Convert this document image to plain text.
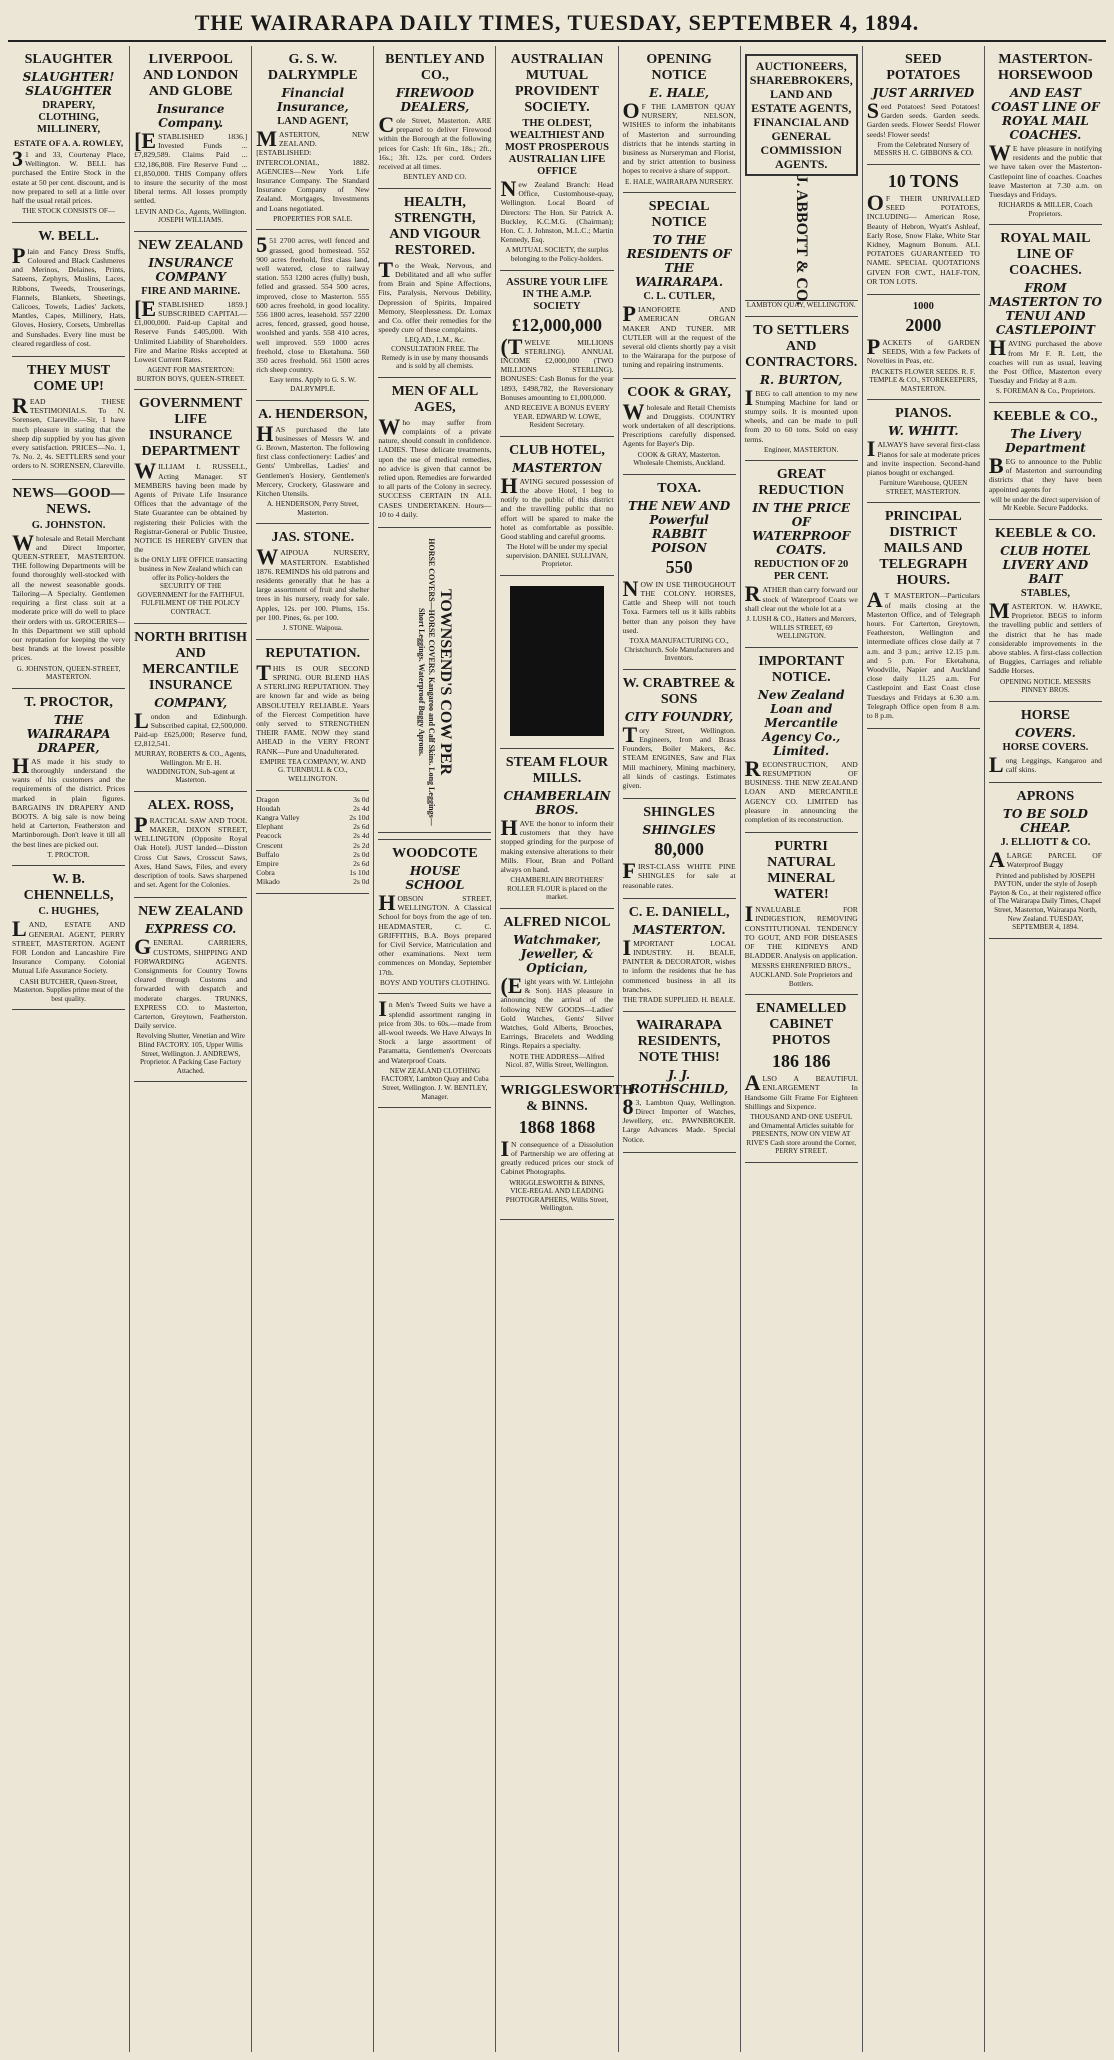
THE WAIRARAPA DAILY TIMES, TUESDAY, SEPTEMBER 4, 1894.
SLAUGHTER
SLAUGHTER! SLAUGHTER
DRAPERY, CLOTHING, MILLINERY,
ESTATE OF A. A. ROWLEY,
31 and 33, Courtenay Place, Wellington. W. BELL has purchased the Entire Stock in the estate at 50 per cent. discount, and is now prepared to sell at a little over half the usual retail prices.
THE STOCK CONSISTS OF—
W. BELL.
Plain and Fancy Dress Stuffs, Coloured and Black Cashmeres and Merinos, Delaines, Prints, Sateens, Zephyrs, Muslins, Laces, Ribbons, Tweeds, Trouserings, Flannels, Blankets, Sheetings, Calicoes, Towels, Ladies' Jackets, Mantles, Capes, Millinery, Hats, Gloves, Hosiery, Corsets, Umbrellas and Sunshades. Every line must be cleared regardless of cost.
THEY MUST COME UP!
READ THESE TESTIMONIALS. To N. Sorensen, Clareville.—Sir, I have much pleasure in stating that the sheep dip supplied by you has given every satisfaction. PRICES—No. 1, 7s. No. 2, 4s. SETTLERS send your orders to N. SORENSEN, Clareville.
NEWS—GOOD—NEWS.
G. JOHNSTON.
Wholesale and Retail Merchant and Direct Importer, QUEEN-STREET, MASTERTON. THE following Departments will be found thoroughly well-stocked with all the newest seasonable goods. Tailoring—A Specialty. Gentlemen requiring a first class suit at a moderate price will do well to place their orders with us. GROCERIES—In this Department we still uphold our reputation for keeping the very best brands at the lowest possible prices.
G. JOHNSTON, QUEEN-STREET, MASTERTON.
T. PROCTOR,
THE WAIRARAPA DRAPER,
HAS made it his study to thoroughly understand the wants of his customers and the requirements of the district. Prices marked in plain figures. BARGAINS IN DRAPERY AND BOOTS. A big sale is now being held at Carterton, Featherston and Martinborough. Don't leave it till all the best lines are picked out.
T. PROCTOR.
W. B. CHENNELLS,
C. HUGHES,
LAND, ESTATE AND GENERAL AGENT, PERRY STREET, MASTERTON. AGENT FOR London and Lancashire Fire Insurance Company. Colonial Mutual Life Assurance Society.
CASH BUTCHER, Queen-Street, Masterton. Supplies prime meat of the best quality.
LIVERPOOL AND LONDON AND GLOBE
Insurance Company.
[ESTABLISHED 1836.] Invested Funds ... £7,829,589. Claims Paid ... £32,186,808. Fire Reserve Fund ... £1,850,000. THIS Company offers to insure the security of the most liberal terms. All losses promptly settled.
LEVIN AND Co., Agents, Wellington. JOSEPH WILLIAMS.
NEW ZEALAND
INSURANCE COMPANY
FIRE AND MARINE.
[ESTABLISHED 1859.] SUBSCRIBED CAPITAL—£1,000,000. Paid-up Capital and Reserve Funds £405,000. With Unlimited Liability of Shareholders. Fire and Marine Risks accepted at Lowest Current Rates.
AGENT FOR MASTERTON: BURTON BOYS, QUEEN-STREET.
GOVERNMENT LIFE INSURANCE DEPARTMENT
WILLIAM I. RUSSELL, Acting Manager. ST MEMBERS having been made by Agents of Private Life Insurance Offices that the advantage of the State Guarantee can be obtained by registering their Policies with the Registrar-General or Public Trustee, NOTICE IS HEREBY GIVEN that the
is the ONLY LIFE OFFICE transacting business in New Zealand which can offer its Policy-holders the SECURITY OF THE GOVERNMENT for the FAITHFUL FULFILMENT OF THE POLICY CONTRACT.
NORTH BRITISH AND MERCANTILE INSURANCE
COMPANY,
London and Edinburgh. Subscribed capital, £2,500,000. Paid-up £625,000; Reserve fund, £2,812,541.
MURRAY, ROBERTS & CO., Agents, Wellington. Mr E. H. WADDINGTON, Sub-agent at Masterton.
ALEX. ROSS,
PRACTICAL SAW AND TOOL MAKER, DIXON STREET, WELLINGTON (Opposite Royal Oak Hotel). JUST landed—Disston Cross Cut Saws, Crosscut Saws, Axes, Hand Saws, Files, and every description of tools. Saws sharpened and set. Agent for the Colonies.
NEW ZEALAND
EXPRESS CO.
GENERAL CARRIERS, CUSTOMS, SHIPPING AND FORWARDING AGENTS. Consignments for Country Towns cleared through Customs and forwarded with despatch and moderate charges. TRUNKS, EXPRESS CO. to Masterton, Carterton, Greytown, Featherston. Daily service.
Revolving Shutter, Venetian and Wire Blind FACTORY. 105, Upper Willis Street, Wellington. J. ANDREWS, Proprietor. A Packing Case Factory Attached.
G. S. W. DALRYMPLE
Financial Insurance,
LAND AGENT,
MASTERTON, NEW ZEALAND. [ESTABLISHED: INTERCOLONIAL, 1882. AGENCIES—New York Life Insurance Company. The Standard Insurance Company of New Zealand. Mortgages, Investments and Loans negotiated.
PROPERTIES FOR SALE.
551 2700 acres, well fenced and grassed, good homestead. 552 900 acres freehold, first class land, well watered, close to railway station. 553 1200 acres (fully) bush, felled and grassed. 554 500 acres, improved, close to Masterton. 555 600 acres freehold, in good locality. 556 1800 acres, leasehold. 557 2200 acres, fenced, grassed, good house, woolshed and yards. 558 410 acres, well improved. 559 1000 acres freehold, close to Eketahuna. 560 350 acres freehold. 561 1500 acres rich sheep country.
Easy terms. Apply to G. S. W. DALRYMPLE.
A. HENDERSON,
HAS purchased the late businesses of Messrs W. and G. Brown, Masterton. The following first class confectionery: Ladies' and Gents' Umbrellas, Ladies' and Gentlemen's Hosiery, Gentlemen's Mercery, Crockery, Glassware and Kitchen Utensils.
A. HENDERSON, Perry Street, Masterton.
JAS. STONE.
WAIPOUA NURSERY, MASTERTON. Established 1876. REMINDS his old patrons and residents generally that he has a large assortment of fruit and shelter trees in his nursery, ready for sale. Apples, 12s. per 100. Plums, 15s. per 100. Pines, 6s. per 100.
J. STONE. Waipoua.
REPUTATION.
THIS IS OUR SECOND SPRING. OUR BLEND HAS A STERLING REPUTATION. They are known far and wide as being ABSOLUTELY RELIABLE. Years of the Fiercest Competition have only served to STRENGTHEN THEIR FAME. NOW they stand AHEAD in the VERY FRONT RANK—Pure and Unadulterated.
EMPIRE TEA COMPANY, W. AND G. TURNBULL & CO., WELLINGTON.
Dragon	3s 0d
Houdah	2s 4d
Kangra Valley	2s 10d
Elephant	2s 6d
Peacock	2s 4d
Crescent	2s 2d
Buffalo	2s 0d
Empire	2s 6d
Cobra	1s 10d
Mikado	2s 0d
BENTLEY AND CO.,
FIREWOOD DEALERS,
Cole Street, Masterton. ARE prepared to deliver Firewood within the Borough at the following prices for Cash: 1ft 6in., 18s.; 2ft., 16s.; 3ft. 12s. per cord. Orders received at all times.
BENTLEY AND CO.
HEALTH, STRENGTH, AND VIGOUR RESTORED.
To the Weak, Nervous, and Debilitated and all who suffer from Brain and Spine Affections, Fits, Paralysis, Nervous Debility, Depression of Spirits, Impaired Memory, Sleeplessness. Dr. Lomax and Co. offer their remedies for the speedy cure of these complaints.
LEQ.AD., L.M., &c. CONSULTATION FREE. The Remedy is in use by many thousands and is sold by all chemists.
MEN OF ALL AGES,
Who may suffer from complaints of a private nature, should consult in confidence. LADIES. These delicate treatments, upon the use of medical remedies, no advice is given that cannot be relied upon. Remedies are forwarded to all parts of the Colony in secrecy. SUCCESS CERTAIN IN ALL CASES UNDERTAKEN. Hours—10 to 4 daily.
TOWNSEND'S COW PER
HORSE COVERS—HORSE COVERS. Kangaroo and Calf Skins. Long Leggings—Short Leggings. Waterproof Buggy Aprons.
WOODCOTE
HOUSE SCHOOL
HOBSON STREET, WELLINGTON. A Classical School for boys from the age of ten. HEADMASTER, C. C. GRIFFITHS, B.A. Boys prepared for Civil Service, Matriculation and other examinations. Next term commences on Monday, September 17th.
BOYS' AND YOUTH'S CLOTHING.
In Men's Tweed Suits we have a splendid assortment ranging in price from 30s. to 60s.—made from all-wool tweeds. We Have Always In Stock a large assortment of Paramatta, Gentlemen's Overcoats and Waterproof Coats.
NEW ZEALAND CLOTHING FACTORY, Lambton Quay and Cuba Street, Wellington. J. W. BENTLEY, Manager.
AUSTRALIAN MUTUAL PROVIDENT SOCIETY.
THE OLDEST, WEALTHIEST AND MOST PROSPEROUS AUSTRALIAN LIFE OFFICE
New Zealand Branch: Head Office, Customhouse-quay, Wellington. Local Board of Directors: The Hon. Sir Patrick A. Buckley, K.C.M.G. (Chairman); Hon. C. J. Johnston, M.L.C.; Martin Kennedy, Esq.
A MUTUAL SOCIETY, the surplus belonging to the Policy-holders.
ASSURE YOUR LIFE IN THE A.M.P. SOCIETY
£12,000,000
(TWELVE MILLIONS STERLING). ANNUAL INCOME £2,000,000 (TWO MILLIONS STERLING). BONUSES: Cash Bonus for the year 1893, £498,782, the Reversionary Bonuses amounting to £1,000,000.
AND RECEIVE A BONUS EVERY YEAR. EDWARD W. LOWE, Resident Secretary.
CLUB HOTEL,
MASTERTON
HAVING secured possession of the above Hotel, I beg to notify to the public of this district and the travelling public that no effort will be spared to make the hotel as comfortable as possible. Good stabling and careful grooms.
The Hotel will be under my special supervision. DANIEL SULLIVAN, Proprietor.
STEAM FLOUR MILLS.
CHAMBERLAIN BROS.
HAVE the honor to inform their customers that they have stopped grinding for the purpose of making extensive alterations to their Mills. Flour, Bran and Pollard always on hand.
CHAMBERLAIN BROTHERS' ROLLER FLOUR is placed on the market.
ALFRED NICOL
Watchmaker, Jeweller, & Optician,
(Eight years with W. Littlejohn & Son). HAS pleasure in announcing the arrival of the following NEW GOODS—Ladies' Gold Watches, Gents' Silver Watches, Gold Alberts, Brooches, Earrings, Bracelets and Wedding Rings. Repairs a specialty.
NOTE THE ADDRESS—Alfred Nicol. 87, Willis Street, Wellington.
WRIGGLESWORTH & BINNS.
1868 1868
IN consequence of a Dissolution of Partnership we are offering at greatly reduced prices our stock of Cabinet Photographs.
WRIGGLESWORTH & BINNS, VICE-REGAL AND LEADING PHOTOGRAPHERS, Willis Street, Wellington.
OPENING NOTICE
E. HALE,
OF THE LAMBTON QUAY NURSERY, NELSON, WISHES to inform the inhabitants of Masterton and surrounding districts that he intends starting in business as Nurseryman and Florist, and by strict attention to business hopes to receive a share of support.
E. HALE, WAIRARAPA NURSERY.
SPECIAL NOTICE
TO THE RESIDENTS OF THE WAIRARAPA.
C. L. CUTLER,
PIANOFORTE AND AMERICAN ORGAN MAKER AND TUNER. MR CUTLER will at the request of the several old clients shortly pay a visit to the Wairarapa for the purpose of tuning and repairing instruments.
COOK & GRAY,
Wholesale and Retail Chemists and Druggists. COUNTRY work undertaken of all descriptions. Prescriptions carefully dispensed. Agents for Bayer's Dip.
COOK & GRAY, Masterton. Wholesale Chemists, Auckland.
TOXA.
THE NEW AND Powerful RABBIT POISON
550
NOW IN USE THROUGHOUT THE COLONY. HORSES, Cattle and Sheep will not touch Toxa. Farmers tell us it kills rabbits better than any poison they have used.
TOXA MANUFACTURING CO., Christchurch. Sole Manufacturers and Inventors.
W. CRABTREE & SONS
CITY FOUNDRY,
Tory Street, Wellington. Engineers, Iron and Brass Founders, Boiler Makers, &c. STEAM ENGINES, Saw and Flax Mill machinery, Mining machinery, all kinds of castings. Estimates given.
SHINGLES
SHINGLES
80,000
FIRST-CLASS WHITE PINE SHINGLES for sale at reasonable rates.
C. E. DANIELL,
MASTERTON.
IMPORTANT LOCAL INDUSTRY. H. BEALE, PAINTER & DECORATOR, wishes to inform the residents that he has commenced business in all its branches.
THE TRADE SUPPLIED. H. BEALE.
WAIRARAPA RESIDENTS, NOTE THIS!
J. J. ROTHSCHILD,
83, Lambton Quay, Wellington. Direct Importer of Watches, Jewellery, etc. PAWNBROKER. Large Advances Made. Special Notice.
AUCTIONEERS, SHAREBROKERS, LAND AND ESTATE AGENTS, FINANCIAL AND GENERAL COMMISSION AGENTS.
J. ABBOTT & CO.
LAMBTON QUAY, WELLINGTON.
TO SETTLERS AND CONTRACTORS.
R. BURTON,
IBEG to call attention to my new Stumping Machine for land or stumpy soils. It is mounted upon wheels, and can be made to pull from 20 to 60 tons. Sold on easy terms.
Engineer, MASTERTON.
GREAT REDUCTION
IN THE PRICE OF WATERPROOF COATS.
REDUCTION OF 20 PER CENT.
RATHER than carry forward our stock of Waterproof Coats we shall clear out the whole lot at a
J. LUSH & CO., Hatters and Mercers, WILLIS STREET, 69 WELLINGTON.
IMPORTANT NOTICE.
New Zealand Loan and Mercantile Agency Co., Limited.
RECONSTRUCTION, AND RESUMPTION OF BUSINESS. THE NEW ZEALAND LOAN AND MERCANTILE AGENCY CO. LIMITED has pleasure in announcing the completion of its reconstruction.
PURTRI NATURAL MINERAL WATER!
INVALUABLE FOR INDIGESTION, REMOVING CONSTITUTIONAL TENDENCY TO GOUT, AND FOR DISEASES OF THE KIDNEYS AND BLADDER. Analysis on application.
MESSRS EHRENFRIED BRO'S., AUCKLAND. Sole Proprietors and Bottlers.
ENAMELLED CABINET PHOTOS
186 186
ALSO A BEAUTIFUL ENLARGEMENT In Handsome Gilt Frame For Eighteen Shillings and Sixpence.
THOUSAND AND ONE USEFUL and Ornamental Articles suitable for PRESENTS, NOW ON VIEW AT RIVE'S Cash store around the Corner, PERRY STREET.
SEED POTATOES
JUST ARRIVED
Seed Potatoes! Seed Potatoes! Garden seeds. Garden seeds. Garden seeds. Flower Seeds! Flower seeds! Flower seeds!
From the Celebrated Nursery of MESSRS H. C. GIBBONS & CO.
10 TONS
OF THEIR UNRIVALLED SEED POTATOES, INCLUDING— American Rose, Beauty of Hebron, Wyatt's Ashleaf, Early Rose, Snow Flake, White Star Kidney, Magnum Bonum. ALL POTATOES GUARANTEED TO NAME. SPECIAL QUOTATIONS GIVEN FOR CWT., HALF-TON, OR TON LOTS.
1000
2000
PACKETS of GARDEN SEEDS, With a few Packets of Novelties in Peas, etc.
PACKETS FLOWER SEEDS. R. F. TEMPLE & CO., STOREKEEPERS, MASTERTON.
PIANOS.
W. WHITT.
IALWAYS have several first-class Pianos for sale at moderate prices and invite inspection. Second-hand pianos bought or exchanged.
Furniture Warehouse, QUEEN STREET, MASTERTON.
PRINCIPAL DISTRICT MAILS AND TELEGRAPH HOURS.
AT MASTERTON—Particulars of mails closing at the Masterton Office, and of Telegraph hours. For Carterton, Greytown, Featherston, Wellington and intermediate offices close daily at 7 a.m. and 3 p.m.; arrive 12.15 p.m. and 5 p.m. For Eketahuna, Woodville, Napier and Auckland close daily 11.25 a.m. For Castlepoint and East Coast close Tuesdays and Fridays at 6.30 a.m. Telegraph Office open from 8 a.m. to 8 p.m.
MASTERTON-HORSEWOOD
AND EAST COAST LINE OF ROYAL MAIL COACHES.
WE have pleasure in notifying residents and the public that we have taken over the Masterton-Castlepoint line of coaches. Coaches leave Masterton at 7.30 a.m. on Tuesdays and Fridays.
RICHARDS & MILLER, Coach Proprietors.
ROYAL MAIL LINE OF COACHES.
FROM MASTERTON TO TENUI AND CASTLEPOINT
HAVING purchased the above from Mr F. R. Lett, the coaches will run as usual, leaving the Post Office, Masterton every Tuesday and Friday at 8 a.m.
S. FOREMAN & Co., Proprietors.
KEEBLE & CO.,
The Livery Department
BEG to announce to the Public of Masterton and surrounding districts that they have been appointed agents for
will be under the direct supervision of Mr Keeble. Secure Paddocks.
KEEBLE & CO.
CLUB HOTEL LIVERY AND BAIT
STABLES,
MASTERTON. W. HAWKE, Proprietor. BEGS to inform the travelling public and settlers of the district that he has made considerable improvements in the above stables. A first-class collection of Buggies, Carriages and reliable Saddle Horses.
OPENING NOTICE. MESSRS PINNEY BROS.
HORSE
COVERS.
HORSE COVERS.
Long Leggings, Kangaroo and calf skins.
APRONS
TO BE SOLD CHEAP.
J. ELLIOTT & CO.
ALARGE PARCEL OF Waterproof Buggy
Printed and published by JOSEPH PAYTON, under the style of Joseph Payton & Co., at their registered office of The Wairarapa Daily Times, Chapel Street, Masterton, Wairarapa North, New Zealand. TUESDAY, SEPTEMBER 4, 1894.
